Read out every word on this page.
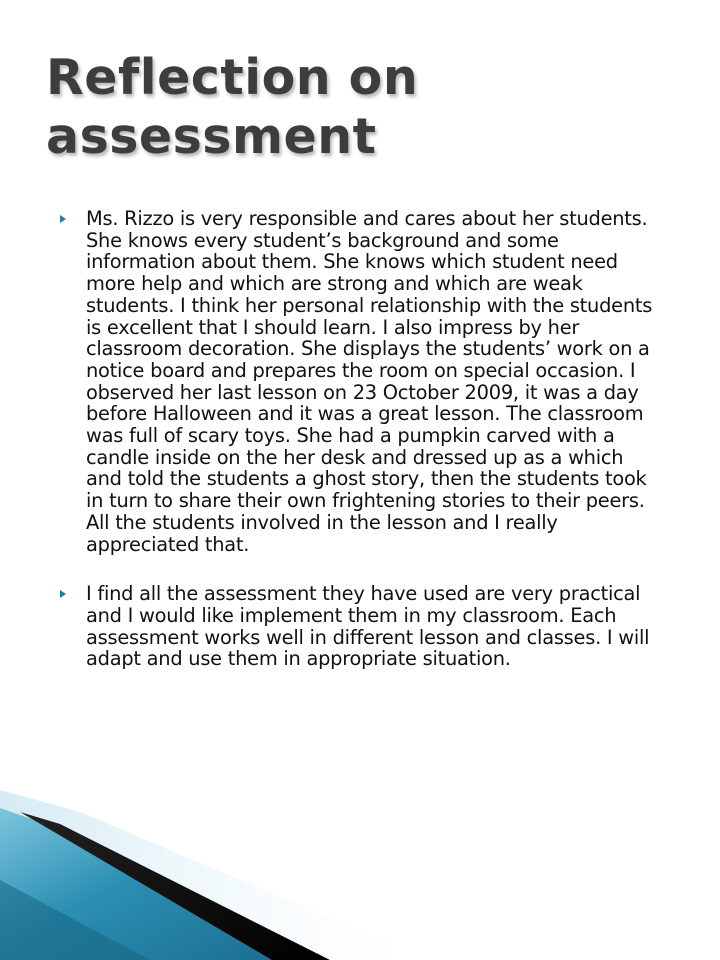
Reflection on assessment
Ms. Rizzo is very responsible and cares about her students. She knows every student’s background and some information about them. She knows which student need more help and which are strong and which are weak students. I think her personal relationship with the students is excellent that I should learn. I also impress by her classroom decoration. She displays the students’ work on a notice board and prepares the room on special occasion. I observed her last lesson on 23 October 2009, it was a day before Halloween and it was a great lesson. The classroom was full of scary toys. She had a pumpkin carved with a candle inside on the her desk and dressed up as a which and told the students a ghost story, then the students took in turn to share their own frightening stories to their peers. All the students involved in the lesson and I really appreciated that.
I find all the assessment they have used are very practical and I would like implement them in my classroom. Each assessment works well in different lesson and classes. I will adapt and use them in appropriate situation.
